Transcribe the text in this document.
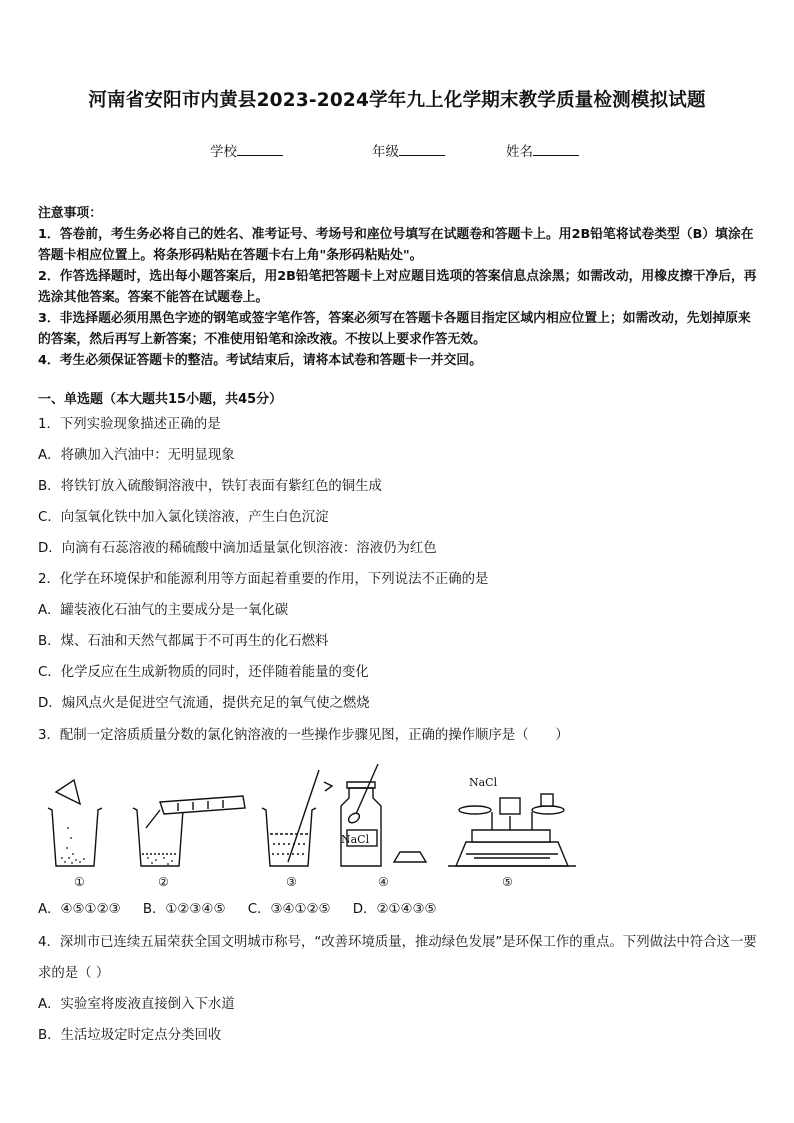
河南省安阳市内黄县2023-2024学年九上化学期末教学质量检测模拟试题
学校	年级	姓名

注意事项：

1．答卷前，考生务必将自己的姓名、准考证号、考场号和座位号填写在试题卷和答题卡上。用2B铅笔将试卷类型（B）填涂在答题卡相应位置上。将条形码粘贴在答题卡右上角"条形码粘贴处"。

2．作答选择题时，选出每小题答案后，用2B铅笔把答题卡上对应题目选项的答案信息点涂黑；如需改动，用橡皮擦干净后，再选涂其他答案。答案不能答在试题卷上。

3．非选择题必须用黑色字迹的钢笔或签字笔作答，答案必须写在答题卡各题目指定区域内相应位置上；如需改动，先划掉原来的答案，然后再写上新答案；不准使用铅笔和涂改液。不按以上要求作答无效。

4．考生必须保证答题卡的整洁。考试结束后，请将本试卷和答题卡一并交回。

一、单选题（本大题共15小题，共45分）

1．下列实验现象描述正确的是

A．将碘加入汽油中：无明显现象

B．将铁钉放入硫酸铜溶液中，铁钉表面有紫红色的铜生成

C．向氢氧化铁中加入氯化镁溶液，产生白色沉淀

D．向滴有石蕊溶液的稀硫酸中滴加适量氯化钡溶液：溶液仍为红色

2．化学在环境保护和能源利用等方面起着重要的作用，下列说法不正确的是

A．罐装液化石油气的主要成分是一氧化碳

B．煤、石油和天然气都属于不可再生的化石燃料

C．化学反应在生成新物质的同时，还伴随着能量的变化

D．煽风点火是促进空气流通，提供充足的氧气使之燃烧

3．配制一定溶质质量分数的氯化钠溶液的一些操作步骤见图，正确的操作顺序是（　　）

NaCl
NaCl
①	②	③	④	⑤
A．④⑤①②③ B．①②③④⑤ C．③④①②⑤ D．②①④③⑤

4．深圳市已连续五届荣获全国文明城市称号，“改善环境质量，推动绿色发展”是环保工作的重点。下列做法中符合这一要求的是（ ）

A．实验室将废液直接倒入下水道

B．生活垃圾定时定点分类回收
